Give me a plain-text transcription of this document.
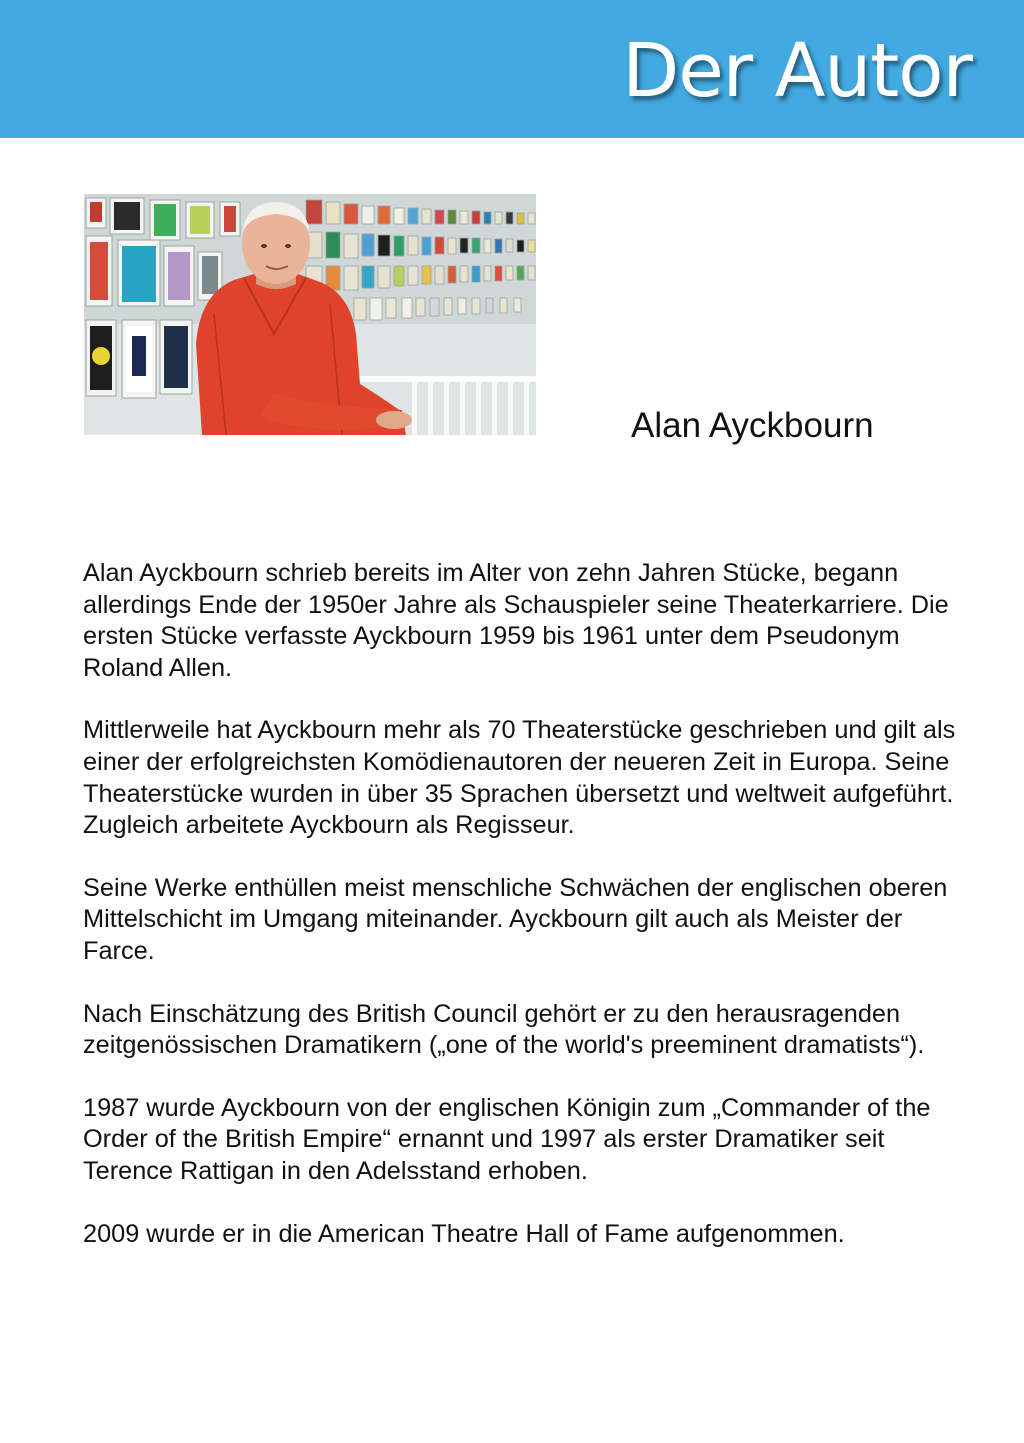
Der Autor
Alan Ayckbourn

Alan Ayckbourn schrieb bereits im Alter von zehn Jahren Stücke, begann allerdings Ende der 1950er Jahre als Schauspieler seine Theaterkarriere. Die ersten Stücke verfasste Ayckbourn 1959 bis 1961 unter dem Pseudonym Roland Allen.

Mittlerweile hat Ayckbourn mehr als 70 Theaterstücke geschrieben und gilt als einer der erfolgreichsten Komödienautoren der neueren Zeit in Europa. Seine Theaterstücke wurden in über 35 Sprachen übersetzt und weltweit aufgeführt. Zugleich arbeitete Ayckbourn als Regisseur.

Seine Werke enthüllen meist menschliche Schwächen der englischen oberen Mittelschicht im Umgang miteinander. Ayckbourn gilt auch als Meister der Farce.

Nach Einschätzung des British Council gehört er zu den herausragenden zeitgenössischen Dramatikern („one of the world's preeminent dramatists“).

1987 wurde Ayckbourn von der englischen Königin zum „Commander of the Order of the British Empire“ ernannt und 1997 als erster Dramatiker seit Terence Rattigan in den Adelsstand erhoben.

2009 wurde er in die American Theatre Hall of Fame aufgenommen.
